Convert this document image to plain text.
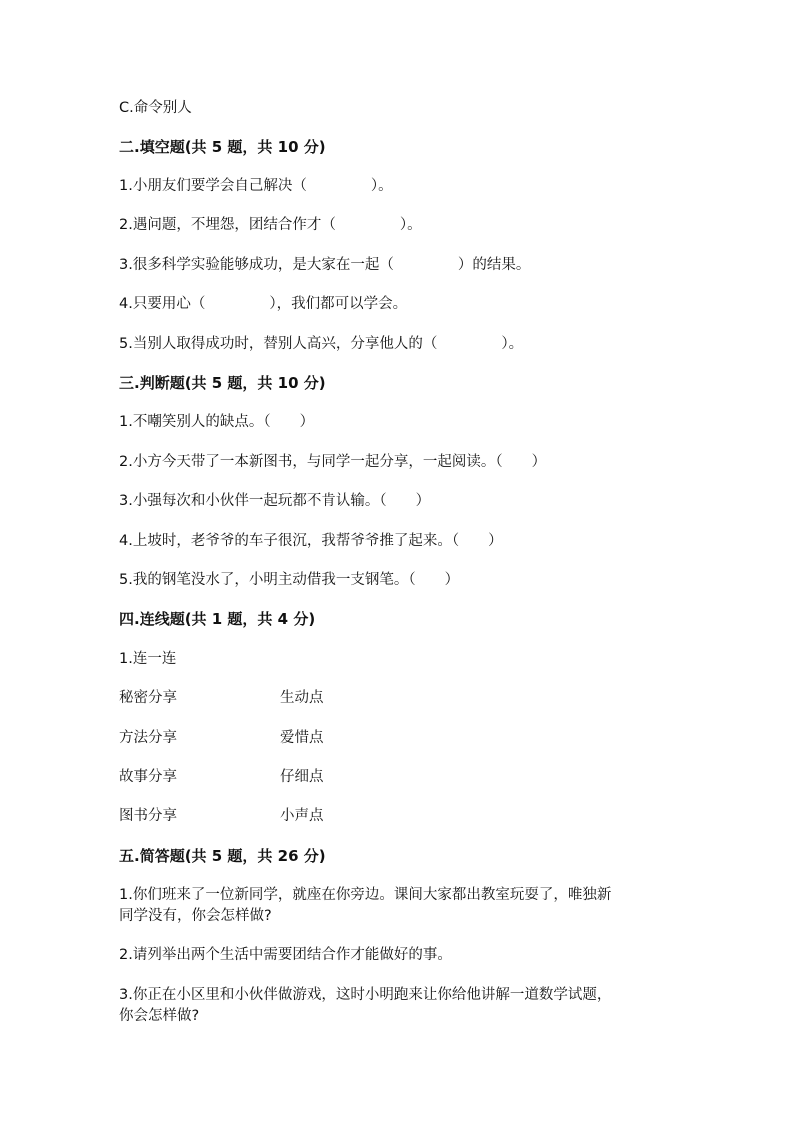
C.命令别人
二.填空题(共 5 题，共 10 分)
1.小朋友们要学会自己解决（	）。
2.遇问题，不埋怨，团结合作才（	）。
3.很多科学实验能够成功，是大家在一起（	）的结果。
4.只要用心（	），我们都可以学会。
5.当别人取得成功时，替别人高兴，分享他人的（	）。
三.判断题(共 5 题，共 10 分)
1.不嘲笑别人的缺点。（　　）
2.小方今天带了一本新图书，与同学一起分享，一起阅读。（　　）
3.小强每次和小伙伴一起玩都不肯认输。（　　）
4.上坡时，老爷爷的车子很沉，我帮爷爷推了起来。（　　）
5.我的钢笔没水了，小明主动借我一支钢笔。（　　）
四.连线题(共 1 题，共 4 分)
1.连一连
秘密分享	生动点
方法分享	爱惜点
故事分享	仔细点
图书分享	小声点
五.简答题(共 5 题，共 26 分)
1.你们班来了一位新同学，就座在你旁边。课间大家都出教室玩耍了，唯独新
同学没有，你会怎样做?
2.请列举出两个生活中需要团结合作才能做好的事。
3.你正在小区里和小伙伴做游戏，这时小明跑来让你给他讲解一道数学试题，
你会怎样做?
